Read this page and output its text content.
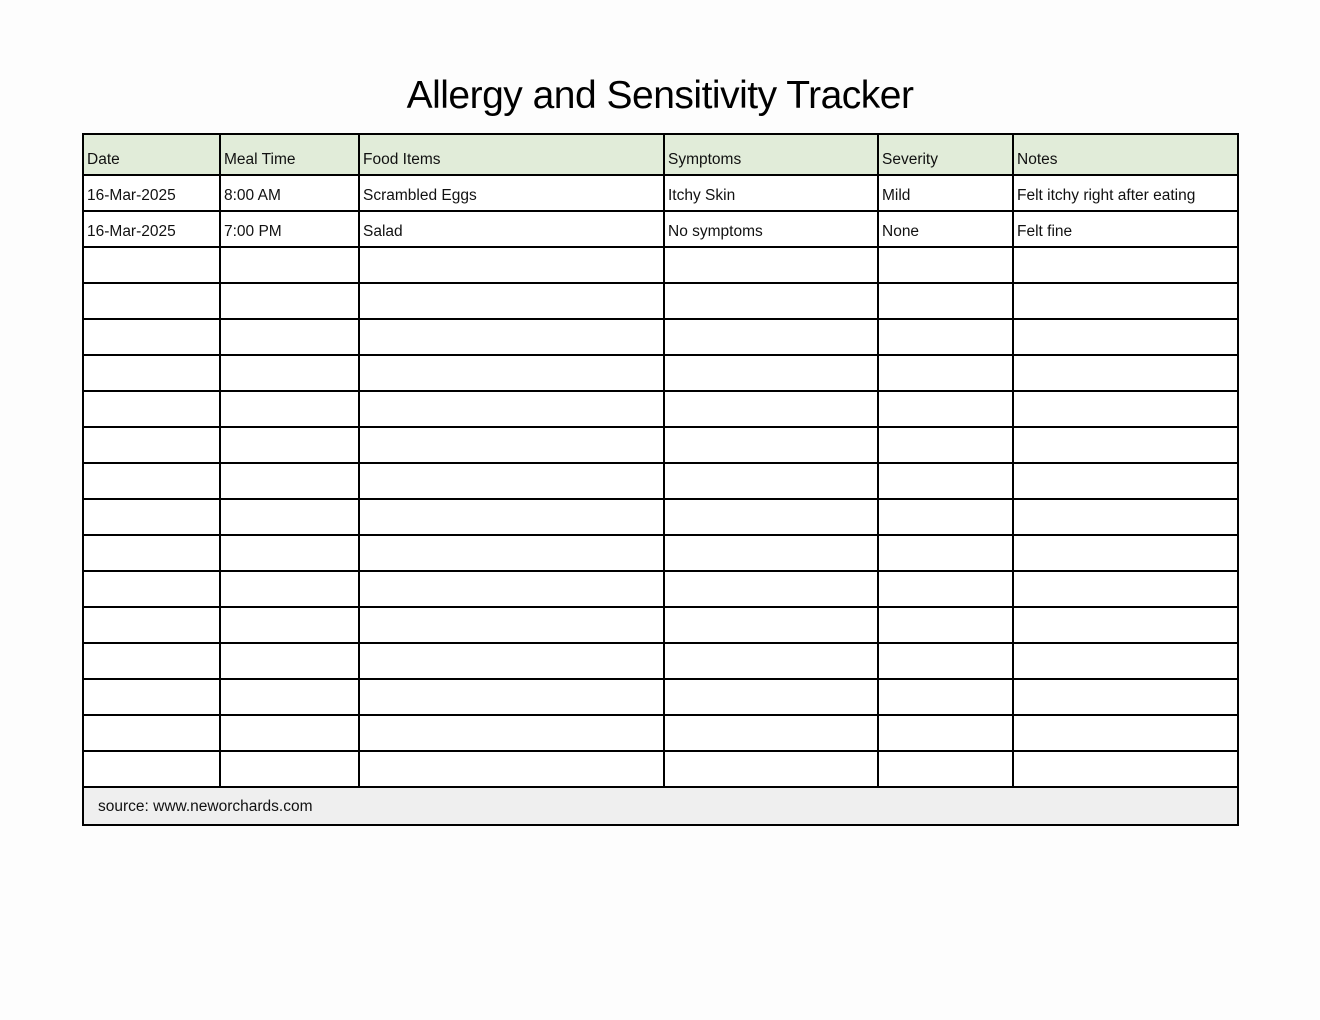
Allergy and Sensitivity Tracker
Date	Meal Time	Food Items	Symptoms	Severity	Notes
16-Mar-2025	8:00 AM	Scrambled Eggs	Itchy Skin	Mild	Felt itchy right after eating
16-Mar-2025	7:00 PM	Salad	No symptoms	None	Felt fine

source: www.neworchards.com					
